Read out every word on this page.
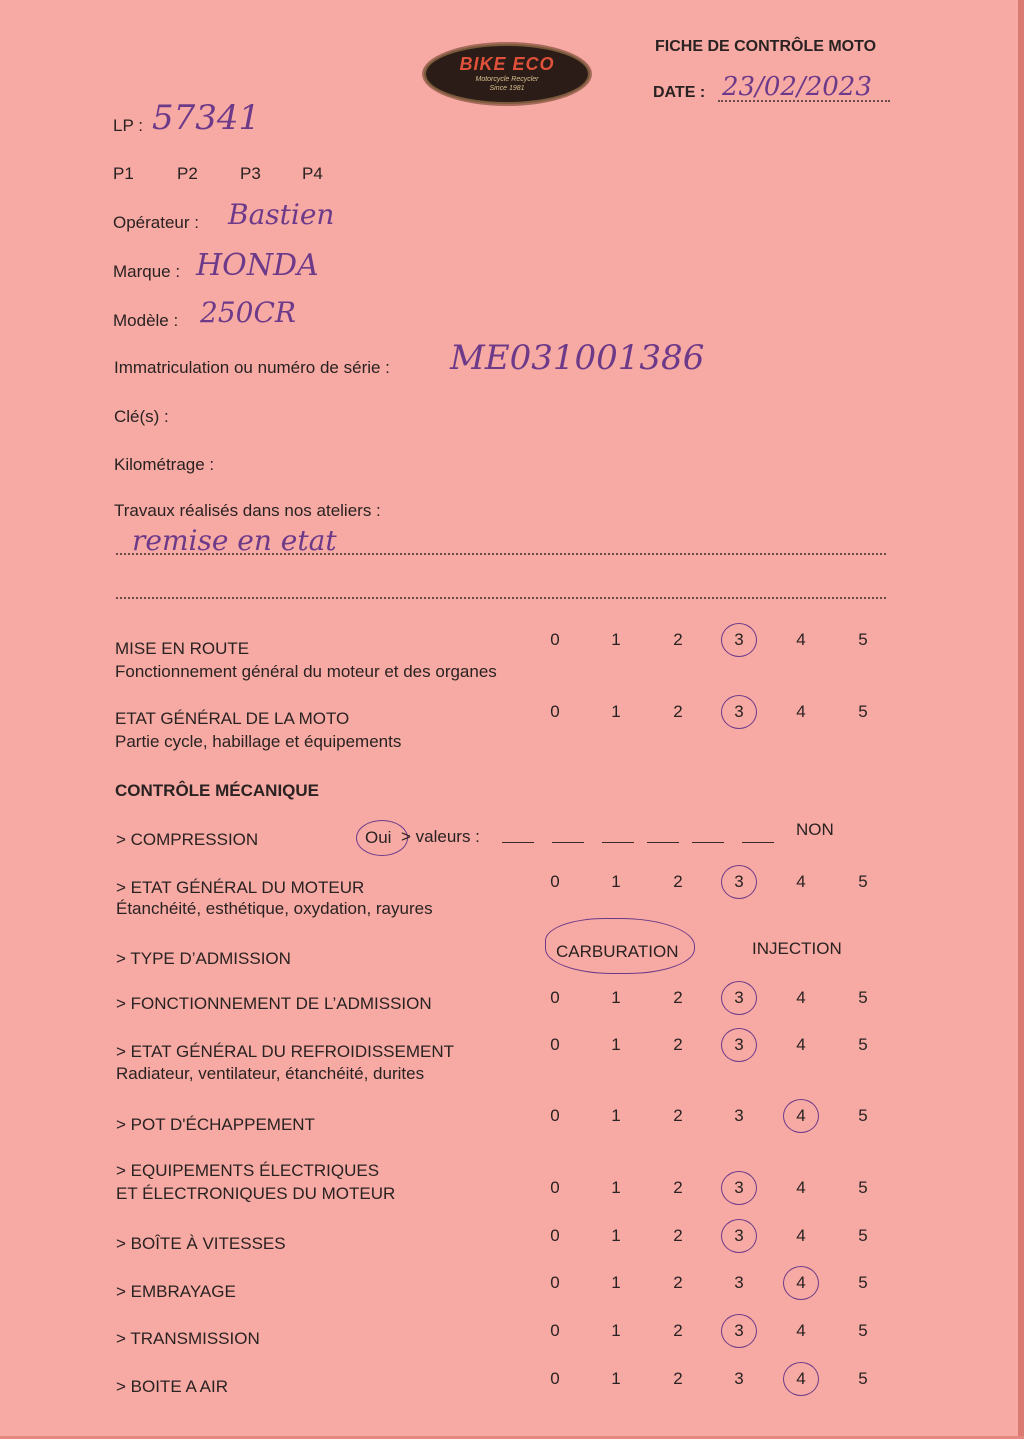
BIKE ECO
Motorcycle Recycler
Since 1981
FICHE DE CONTRÔLE MOTO
DATE : 23/02/2023
LP : 57341
P1	P2 P3 P4
Opérateur : Bastien
Marque : HONDA
Modèle : 250CR
Immatriculation ou numéro de série : ME031001386
Clé(s) :
Kilométrage :
Travaux réalisés dans nos ateliers :
remise en etat
MISE EN ROUTE
Fonctionnement général du moteur et des organes
0	1	2	3	4	5
ETAT GÉNÉRAL DE LA MOTO
Partie cycle, habillage et équipements
0	1	2	3	4	5
CONTRÔLE MÉCANIQUE
> COMPRESSION	Oui > valeurs :	NON
> ETAT GÉNÉRAL DU MOTEUR
Étanchéité, esthétique, oxydation, rayures
0	1	2	3	4	5
> TYPE D’ADMISSION	CARBURATION	INJECTION
> FONCTIONNEMENT DE L’ADMISSION	0	1	2	3	4	5
> ETAT GÉNÉRAL DU REFROIDISSEMENT
Radiateur, ventilateur, étanchéité, durites
0	1	2	3	4	5
> POT D'ÉCHAPPEMENT	0	1	2	3	4	5
> EQUIPEMENTS ÉLECTRIQUES
ET ÉLECTRONIQUES DU MOTEUR	0	1	2	3	4	5
> BOÎTE À VITESSES	0	1	2	3	4	5
> EMBRAYAGE	0	1	2	3	4	5
> TRANSMISSION	0	1	2	3	4	5
> BOITE A AIR	0	1	2	3	4	5
